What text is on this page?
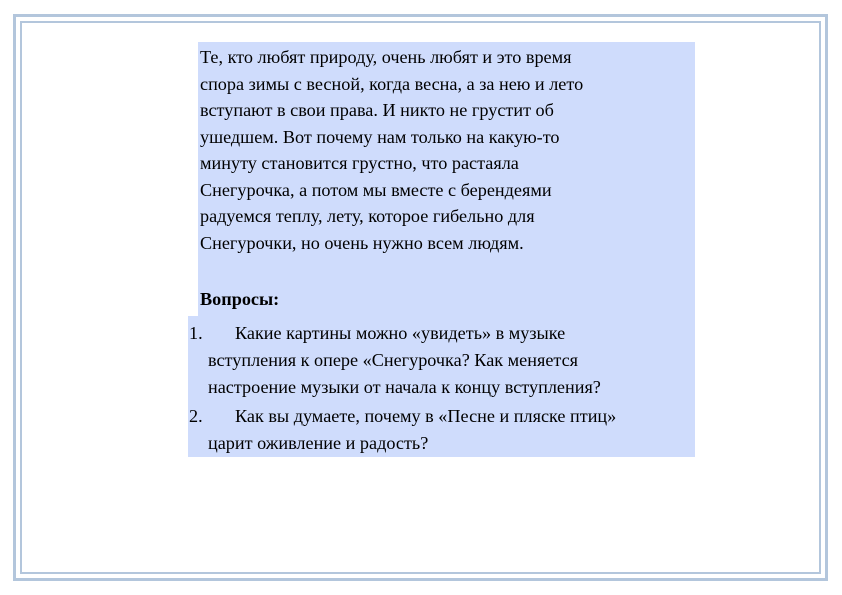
Те, кто любят природу, очень любят и это время
спора зимы с весной, когда весна, а за нею и лето
вступают в свои права. И никто не грустит об
ушедшем. Вот почему нам только на какую-то
минуту становится грустно, что растаяла
Снегурочка, а потом мы вместе с берендеями
радуемся теплу, лету, которое гибельно для
Снегурочки, но очень нужно всем людям.

Вопросы:

1.	Какие картины можно «увидеть» в музыке
вступления к опере «Снегурочка? Как меняется
настроение музыки от начала к концу вступления?
2.	Как вы думаете, почему в «Песне и пляске птиц»
царит оживление и радость?
